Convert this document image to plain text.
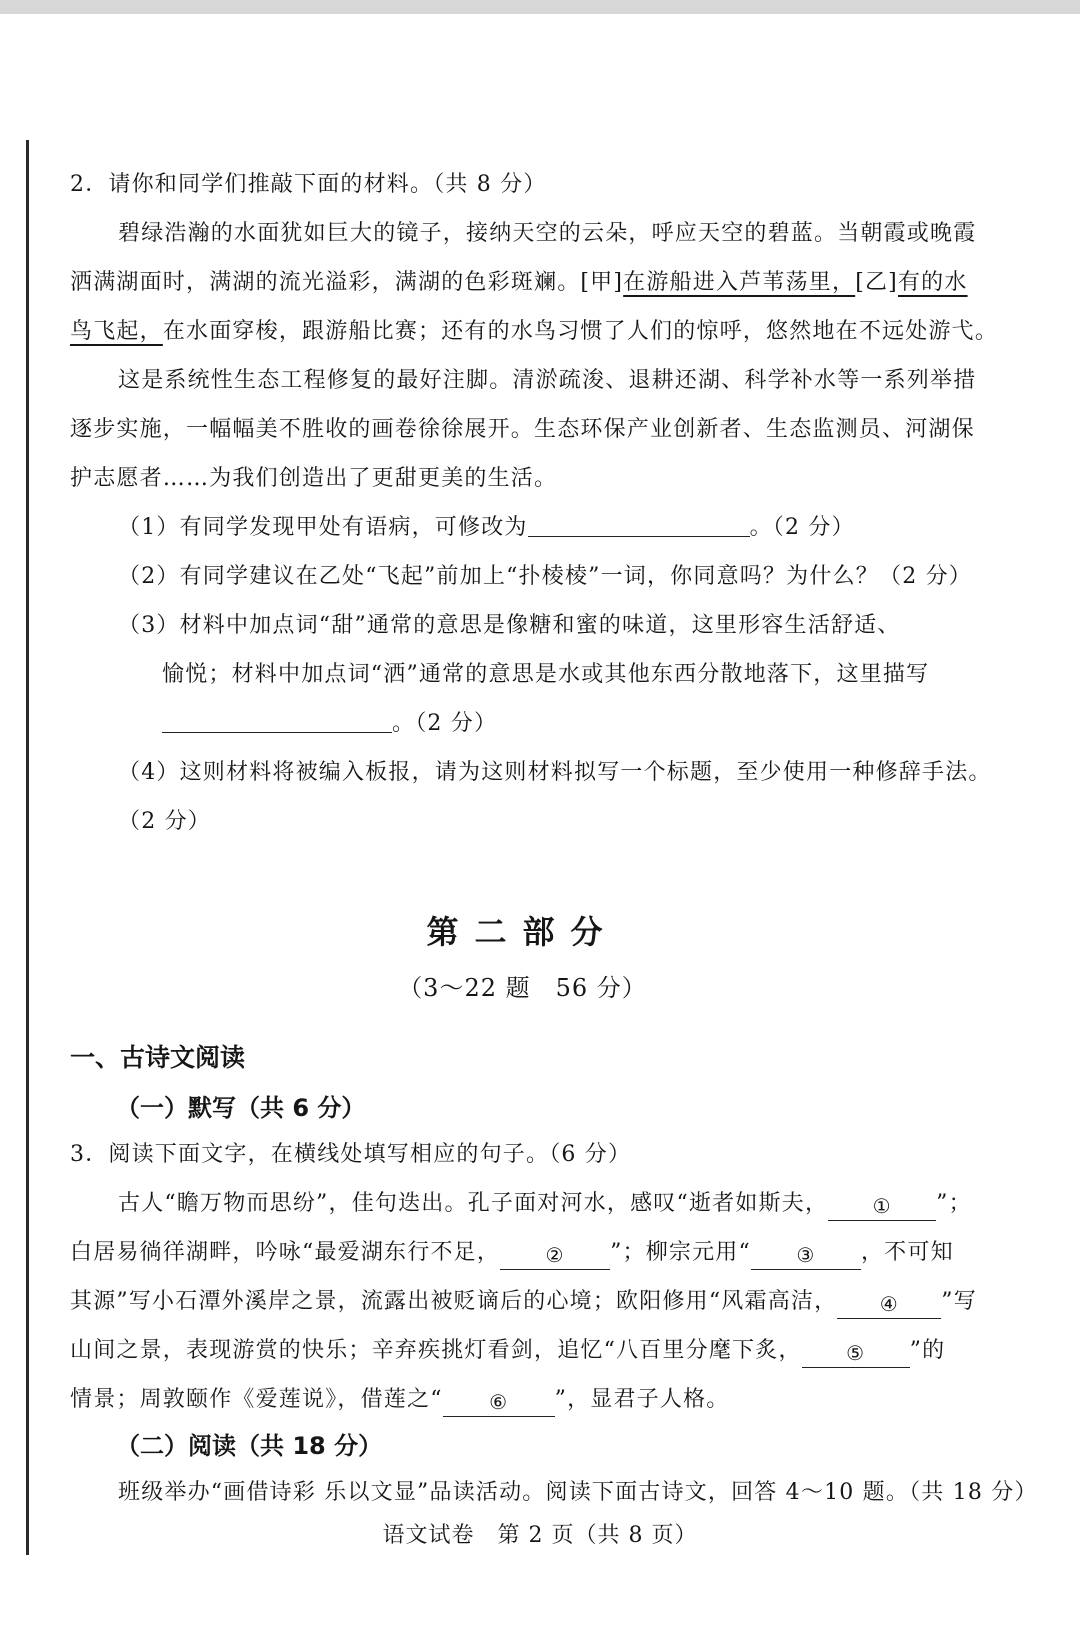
2．请你和同学们推敲下面的材料。（共 8 分）
碧绿浩瀚的水面犹如巨大的镜子，接纳天空的云朵，呼应天空的碧蓝。当朝霞或晚霞
洒满湖面时，满湖的流光溢彩，满湖的色彩斑斓。[甲]在游船进入芦苇荡里，[乙]有的水
鸟飞起，在水面穿梭，跟游船比赛；还有的水鸟习惯了人们的惊呼，悠然地在不远处游弋。
这是系统性生态工程修复的最好注脚。清淤疏浚、退耕还湖、科学补水等一系列举措
逐步实施，一幅幅美不胜收的画卷徐徐展开。生态环保产业创新者、生态监测员、河湖保
护志愿者……为我们创造出了更甜更美的生活。
（1）有同学发现甲处有语病，可修改为	。（2 分）
（2）有同学建议在乙处“飞起”前加上“扑棱棱”一词，你同意吗？为什么？（2 分）
（3）材料中加点词“甜”通常的意思是像糖和蜜的味道，这里形容生活舒适、
愉悦；材料中加点词“洒”通常的意思是水或其他东西分散地落下，这里描写
。（2 分）
（4）这则材料将被编入板报，请为这则材料拟写一个标题，至少使用一种修辞手法。
（2 分）
第二部分
（3～22 题　56 分）
一、古诗文阅读
（一）默写（共 6 分）
3．阅读下面文字，在横线处填写相应的句子。（6 分）
古人“瞻万物而思纷”，佳句迭出。孔子面对河水，感叹“逝者如斯夫， ① ”；
白居易徜徉湖畔，吟咏“最爱湖东行不足， ② ”；柳宗元用“ ③ ，不可知
其源”写小石潭外溪岸之景，流露出被贬谪后的心境；欧阳修用“风霜高洁， ④ ”写
山间之景，表现游赏的快乐；辛弃疾挑灯看剑，追忆“八百里分麾下炙， ⑤ ”的
情景；周敦颐作《爱莲说》，借莲之“ ⑥ ”，显君子人格。
（二）阅读（共 18 分）
班级举办“画借诗彩 乐以文显”品读活动。阅读下面古诗文，回答 4～10 题。（共 18 分）
语文试卷　第 2 页（共 8 页）
